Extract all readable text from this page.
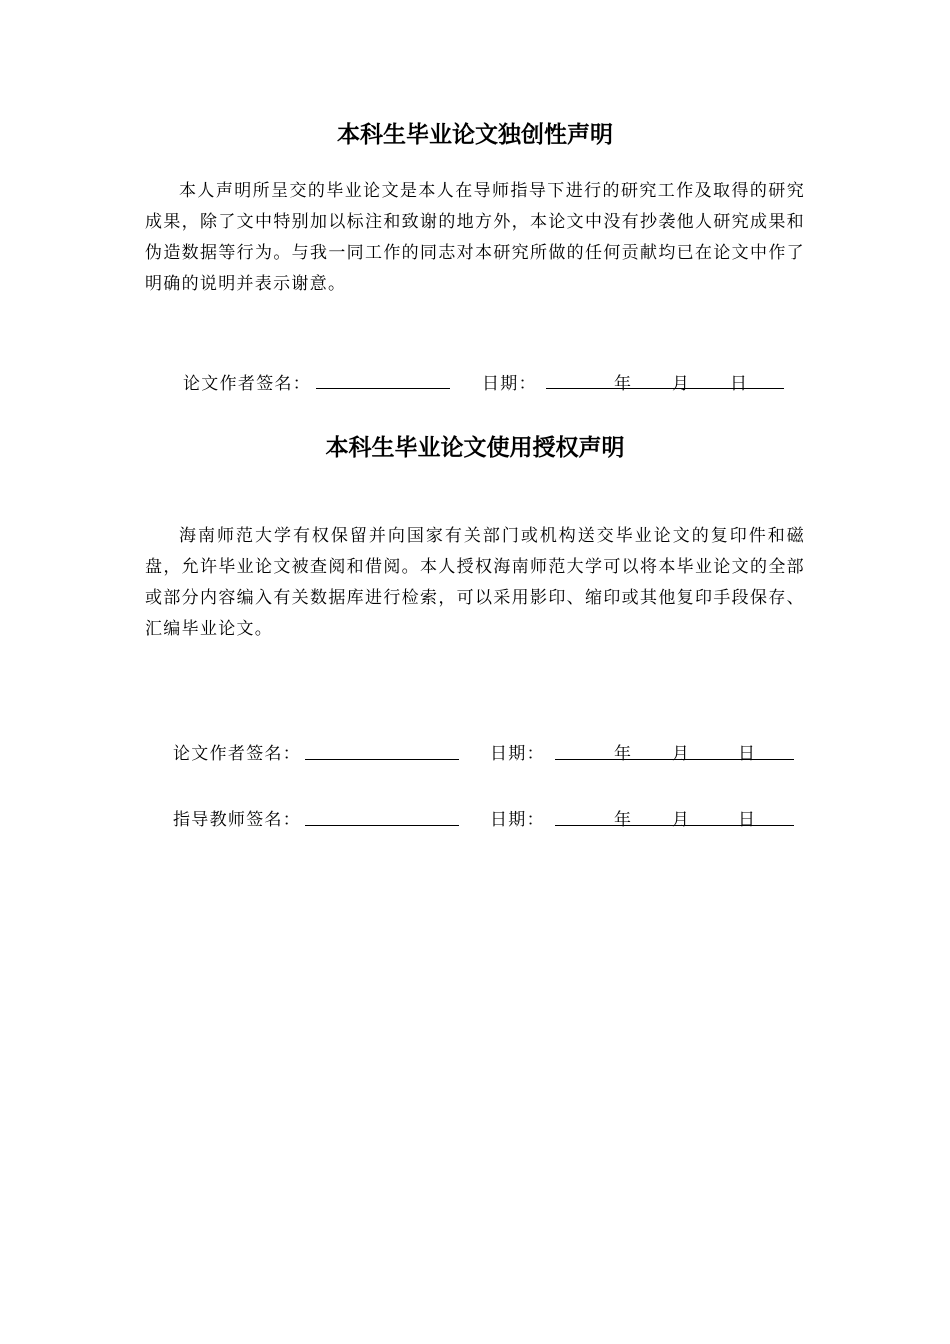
本科生毕业论文独创性声明
本人声明所呈交的毕业论文是本人在导师指导下进行的研究工作及取得的研究成果，除了文中特别加以标注和致谢的地方外，本论文中没有抄袭他人研究成果和伪造数据等行为。与我一同工作的同志对本研究所做的任何贡献均已在论文中作了明确的说明并表示谢意。
论文作者签名：	日期：	年 月 日
本科生毕业论文使用授权声明
海南师范大学有权保留并向国家有关部门或机构送交毕业论文的复印件和磁盘，允许毕业论文被查阅和借阅。本人授权海南师范大学可以将本毕业论文的全部或部分内容编入有关数据库进行检索，可以采用影印、缩印或其他复印手段保存、汇编毕业论文。
论文作者签名：	日期：	年 月	日
指导教师签名：	日期：	年 月	日
